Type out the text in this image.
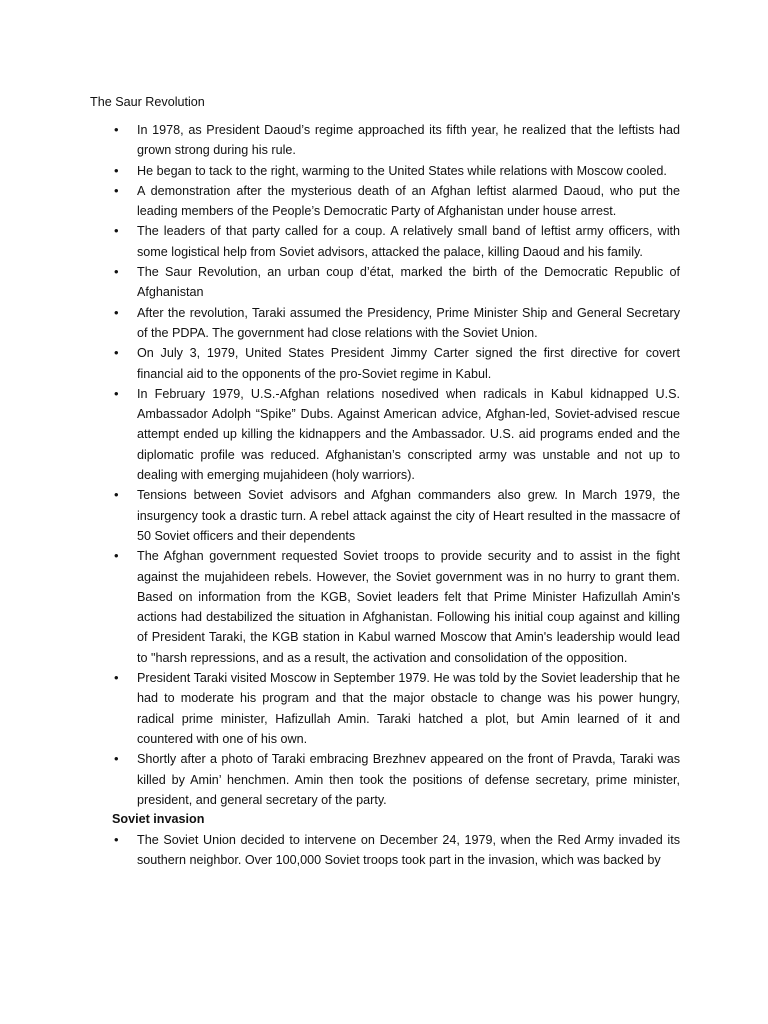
The Saur Revolution
• In 1978, as President Daoud’s regime approached its fifth year, he realized that the leftists had grown strong during his rule.
• He began to tack to the right, warming to the United States while relations with Moscow cooled.
• A demonstration after the mysterious death of an Afghan leftist alarmed Daoud, who put the leading members of the People’s Democratic Party of Afghanistan under house arrest.
• The leaders of that party called for a coup. A relatively small band of leftist army officers, with some logistical help from Soviet advisors, attacked the palace, killing Daoud and his family.
• The Saur Revolution, an urban coup d’état, marked the birth of the Democratic Republic of Afghanistan
• After the revolution, Taraki assumed the Presidency, Prime Minister Ship and General Secretary of the PDPA. The government had close relations with the Soviet Union.
• On July 3, 1979, United States President Jimmy Carter signed the first directive for covert financial aid to the opponents of the pro-Soviet regime in Kabul.
• In February 1979, U.S.-Afghan relations nosedived when radicals in Kabul kidnapped U.S. Ambassador Adolph “Spike” Dubs. Against American advice, Afghan-led, Soviet-advised rescue attempt ended up killing the kidnappers and the Ambassador. U.S. aid programs ended and the diplomatic profile was reduced. Afghanistan’s conscripted army was unstable and not up to dealing with emerging mujahideen (holy warriors).
• Tensions between Soviet advisors and Afghan commanders also grew. In March 1979, the insurgency took a drastic turn. A rebel attack against the city of Heart resulted in the massacre of 50 Soviet officers and their dependents
• The Afghan government requested Soviet troops to provide security and to assist in the fight against the mujahideen rebels. However, the Soviet government was in no hurry to grant them. Based on information from the KGB, Soviet leaders felt that Prime Minister Hafizullah Amin's actions had destabilized the situation in Afghanistan. Following his initial coup against and killing of President Taraki, the KGB station in Kabul warned Moscow that Amin's leadership would lead to "harsh repressions, and as a result, the activation and consolidation of the opposition.
• President Taraki visited Moscow in September 1979. He was told by the Soviet leadership that he had to moderate his program and that the major obstacle to change was his power hungry, radical prime minister, Hafizullah Amin. Taraki hatched a plot, but Amin learned of it and countered with one of his own.
• Shortly after a photo of Taraki embracing Brezhnev appeared on the front of Pravda, Taraki was killed by Amin’ henchmen. Amin then took the positions of defense secretary, prime minister, president, and general secretary of the party.
Soviet invasion
• The Soviet Union decided to intervene on December 24, 1979, when the Red Army invaded its southern neighbor. Over 100,000 Soviet troops took part in the invasion, which was backed by
